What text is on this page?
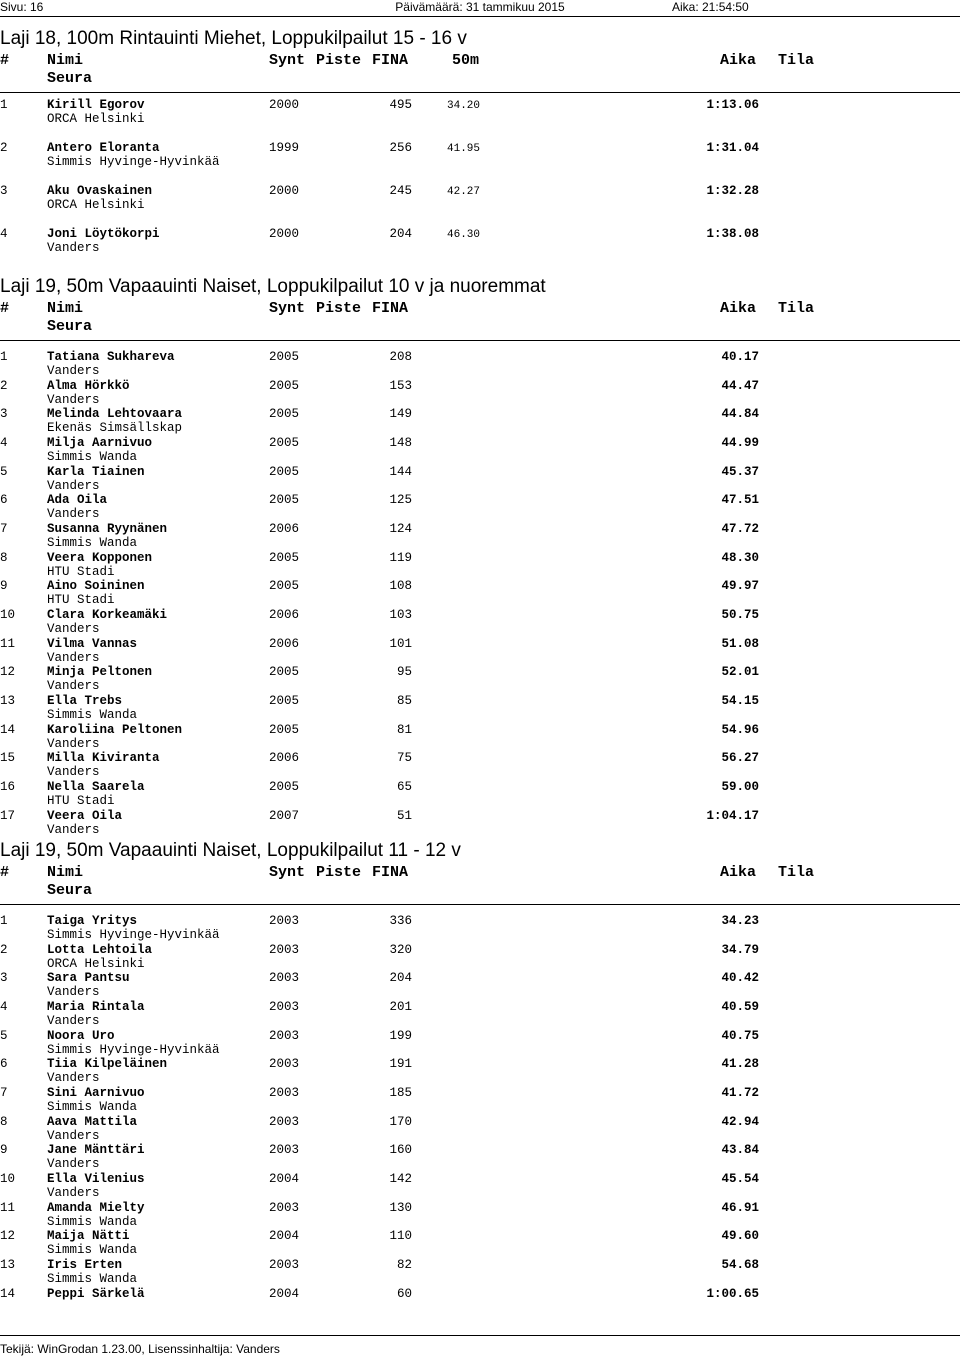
Sivu: 16	Päivämäärä: 31 tammikuu 2015	Aika: 21:54:50
Laji 18, 100m Rintauinti Miehet, Loppukilpailut 15 - 16 v
#	Nimi	Synt Piste FINA	Aika Tila
50m
Seura
1	Kirill Egorov	2000	495	34.20	1:13.06
ORCA Helsinki
2	Antero Eloranta	1999	256	41.95	1:31.04
Simmis Hyvinge-Hyvinkää
3	Aku Ovaskainen	2000	245	42.27	1:32.28
ORCA Helsinki
4	Joni Löytökorpi	2000	204	46.30	1:38.08
Vanders
Laji 19, 50m Vapaauinti Naiset, Loppukilpailut 10 v ja nuoremmat
#	Nimi	Synt Piste FINA	Aika Tila
Seura
1	Tatiana Sukhareva	2005	208	40.17
Vanders
2	Alma Hörkkö	2005	153	44.47
Vanders
3	Melinda Lehtovaara	2005	149	44.84
Ekenäs Simsällskap
4	Milja Aarnivuo	2005	148	44.99
Simmis Wanda
5	Karla Tiainen	2005	144	45.37
Vanders
6	Ada Oila	2005	125	47.51
Vanders
7	Susanna Ryynänen	2006	124	47.72
Simmis Wanda
8	Veera Kopponen	2005	119	48.30
HTU Stadi
9	Aino Soininen	2005	108	49.97
HTU Stadi
10	Clara Korkeamäki	2006	103	50.75
Vanders
11	Vilma Vannas	2006	101	51.08
Vanders
12	Minja Peltonen	2005	95	52.01
Vanders
13	Ella Trebs	2005	85	54.15
Simmis Wanda
14	Karoliina Peltonen	2005	81	54.96
Vanders
15	Milla Kiviranta	2006	75	56.27
Vanders
16	Nella Saarela	2005	65	59.00
HTU Stadi
17	Veera Oila	2007	51	1:04.17
Vanders
Laji 19, 50m Vapaauinti Naiset, Loppukilpailut 11 - 12 v
#	Nimi	Synt Piste FINA	Aika Tila
Seura
1	Taiga Yritys	2003	336	34.23
Simmis Hyvinge-Hyvinkää
2	Lotta Lehtoila	2003	320	34.79
ORCA Helsinki
3	Sara Pantsu	2003	204	40.42
Vanders
4	Maria Rintala	2003	201	40.59
Vanders
5	Noora Uro	2003	199	40.75
Simmis Hyvinge-Hyvinkää
6	Tiia Kilpeläinen	2003	191	41.28
Vanders
7	Sini Aarnivuo	2003	185	41.72
Simmis Wanda
8	Aava Mattila	2003	170	42.94
Vanders
9	Jane Mänttäri	2003	160	43.84
Vanders
10	Ella Vilenius	2004	142	45.54
Vanders
11	Amanda Mielty	2003	130	46.91
Simmis Wanda
12	Maija Nätti	2004	110	49.60
Simmis Wanda
13	Iris Erten	2003	82	54.68
Simmis Wanda
14	Peppi Särkelä	2004	60	1:00.65
Tekijä: WinGrodan 1.23.00, Lisenssinhaltija: Vanders
